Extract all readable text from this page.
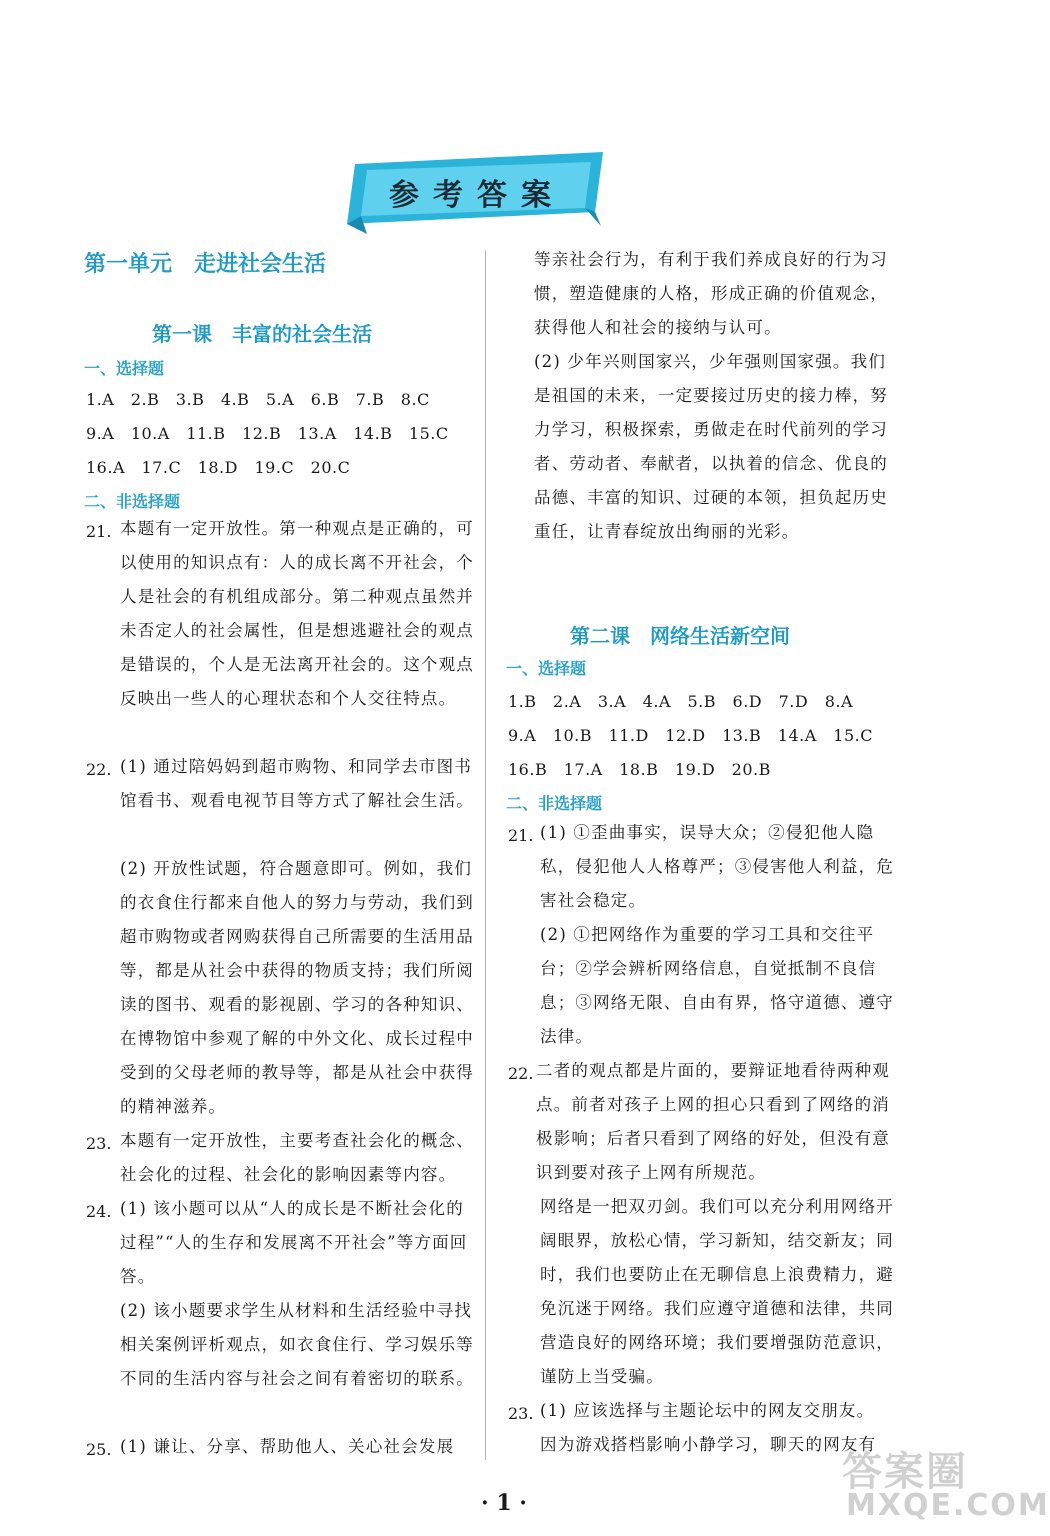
参考答案
第一单元　走进社会生活
第一课　丰富的社会生活
一、选择题
1.A　2.B　3.B　4.B　5.A　6.B　7.B　8.C
9.A　10.A　11.B　12.B　13.A　14.B　15.C
16.A　17.C　18.D　19.C　20.C
二、非选择题
21. 本题有一定开放性。第一种观点是正确的，可以使用的知识点有：人的成长离不开社会，个人是社会的有机组成部分。第二种观点虽然并未否定人的社会属性，但是想逃避社会的观点是错误的，个人是无法离开社会的。这个观点反映出一些人的心理状态和个人交往特点。
22. (1) 通过陪妈妈到超市购物、和同学去市图书馆看书、观看电视节目等方式了解社会生活。
(2) 开放性试题，符合题意即可。例如，我们的衣食住行都来自他人的努力与劳动，我们到超市购物或者网购获得自己所需要的生活用品等，都是从社会中获得的物质支持；我们所阅读的图书、观看的影视剧、学习的各种知识、在博物馆中参观了解的中外文化、成长过程中受到的父母老师的教导等，都是从社会中获得的精神滋养。
23. 本题有一定开放性，主要考查社会化的概念、社会化的过程、社会化的影响因素等内容。
24. (1) 该小题可以从“人的成长是不断社会化的过程”“人的生存和发展离不开社会”等方面回答。
(2) 该小题要求学生从材料和生活经验中寻找相关案例评析观点，如衣食住行、学习娱乐等不同的生活内容与社会之间有着密切的联系。
25. (1) 谦让、分享、帮助他人、关心社会发展
等亲社会行为，有利于我们养成良好的行为习惯，塑造健康的人格，形成正确的价值观念，获得他人和社会的接纳与认可。
(2) 少年兴则国家兴，少年强则国家强。我们是祖国的未来，一定要接过历史的接力棒，努力学习，积极探索，勇做走在时代前列的学习者、劳动者、奉献者，以执着的信念、优良的品德、丰富的知识、过硬的本领，担负起历史重任，让青春绽放出绚丽的光彩。
第二课　网络生活新空间
一、选择题
1.B　2.A　3.A　4.A　5.B　6.D　7.D　8.A
9.A　10.B　11.D　12.D　13.B　14.A　15.C
16.B　17.A　18.B　19.D　20.B
二、非选择题
21. (1) ①歪曲事实，误导大众；②侵犯他人隐私，侵犯他人人格尊严；③侵害他人利益，危害社会稳定。
(2) ①把网络作为重要的学习工具和交往平台；②学会辨析网络信息，自觉抵制不良信息；③网络无限、自由有界，恪守道德、遵守法律。
22. 二者的观点都是片面的，要辩证地看待两种观点。前者对孩子上网的担心只看到了网络的消极影响；后者只看到了网络的好处，但没有意识到要对孩子上网有所规范。
网络是一把双刃剑。我们可以充分利用网络开阔眼界，放松心情，学习新知，结交新友；同时，我们也要防止在无聊信息上浪费精力，避免沉迷于网络。我们应遵守道德和法律，共同营造良好的网络环境；我们要增强防范意识，谨防上当受骗。
23. (1) 应该选择与主题论坛中的网友交朋友。
因为游戏搭档影响小静学习，聊天的网友有
· 1 ·
答案圈
MXQE.COM
